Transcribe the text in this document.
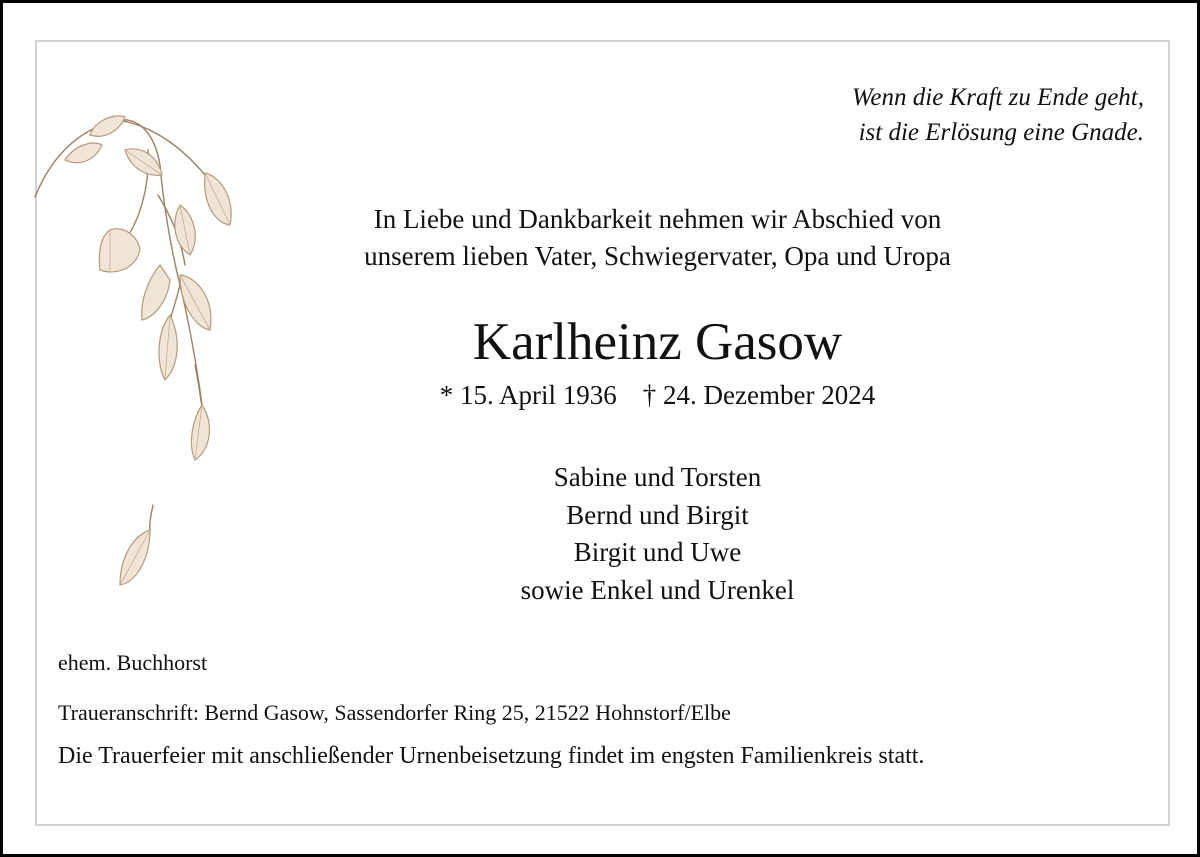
Wenn die Kraft zu Ende geht,
ist die Erlösung eine Gnade.
In Liebe und Dankbarkeit nehmen wir Abschied von
unserem lieben Vater, Schwiegervater, Opa und Uropa
Karlheinz Gasow
* 15. April 1936 † 24. Dezember 2024
Sabine und Torsten
Bernd und Birgit
Birgit und Uwe
sowie Enkel und Urenkel
ehem. Buchhorst
Traueranschrift: Bernd Gasow, Sassendorfer Ring 25, 21522 Hohnstorf/Elbe
Die Trauerfeier mit anschließender Urnenbeisetzung findet im engsten Familienkreis statt.
